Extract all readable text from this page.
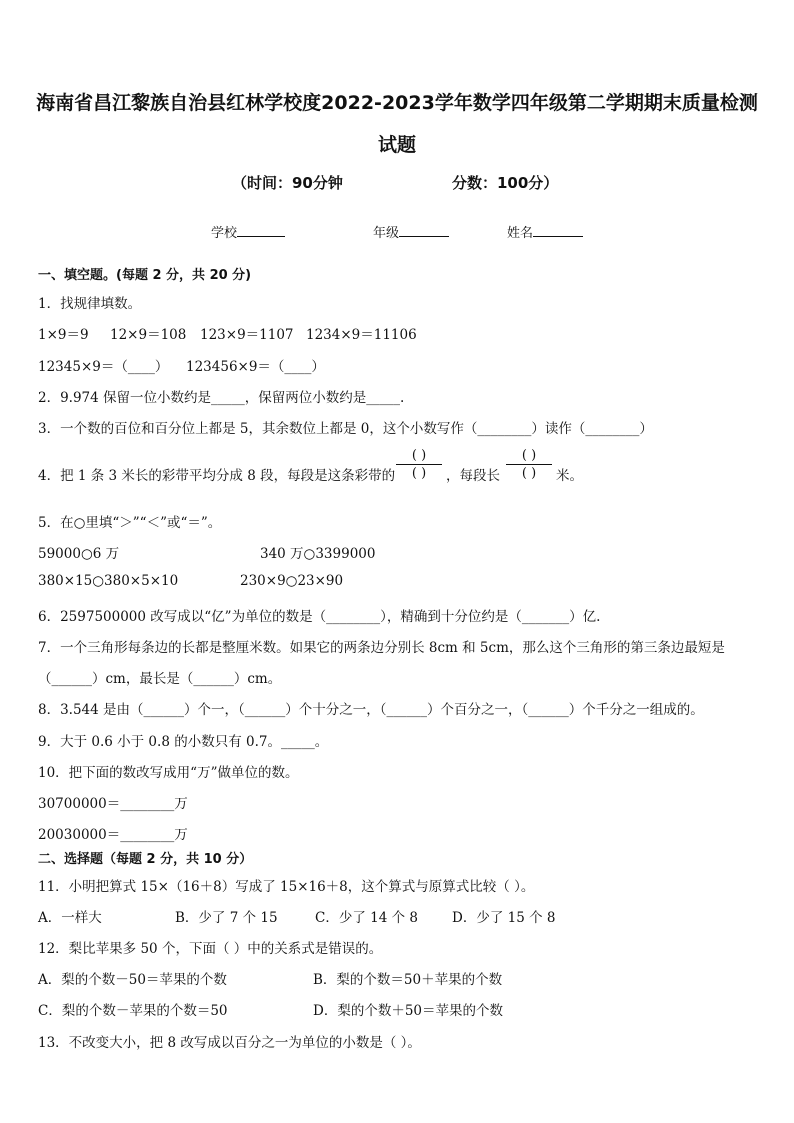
海南省昌江黎族自治县红林学校度2022-2023学年数学四年级第二学期期末质量检测
试题
（时间：90分钟	分数：100分）
学校	年级	姓名
一、填空题。(每题 2 分，共 20 分)
1．找规律填数。
1×9＝9 12×9＝108 123×9＝1107 1234×9＝11106
12345×9＝（____） 123456×9＝（____）
2．9.974 保留一位小数约是_____，保留两位小数约是_____.
3．一个数的百位和百分位上都是 5，其余数位上都是 0，这个小数写作（________）读作（________）
4．把 1 条 3 米长的彩带平均分成 8 段，每段是这条彩带的
( )
( )	，每段长
( )
( )	米。
5．在○里填“＞”“＜”或“＝”。
59000○6 万	340 万○3399000
380×15○380×5×10	230×9○23×90
6．2597500000 改写成以“亿”为单位的数是（________），精确到十分位约是（_______）亿.
7．一个三角形每条边的长都是整厘米数。如果它的两条边分别长 8cm 和 5cm，那么这个三角形的第三条边最短是
（______）cm，最长是（______）cm。
8．3.544 是由（______）个一，（______）个十分之一，（______）个百分之一，（______）个千分之一组成的。
9．大于 0.6 小于 0.8 的小数只有 0.7。_____。
10．把下面的数改写成用“万”做单位的数。
30700000＝________万
20030000＝________万
二、选择题（每题 2 分，共 10 分）
11．小明把算式 15×（16＋8）写成了 15×16＋8，这个算式与原算式比较（ ）。
A．一样大	B．少了 7 个 15	C．少了 14 个 8	D．少了 15 个 8
12．梨比苹果多 50 个，下面（ ）中的关系式是错误的。
A．梨的个数－50＝苹果的个数	B．梨的个数＝50＋苹果的个数
C．梨的个数－苹果的个数＝50	D．梨的个数＋50＝苹果的个数
13．不改变大小，把 8 改写成以百分之一为单位的小数是（ ）。
